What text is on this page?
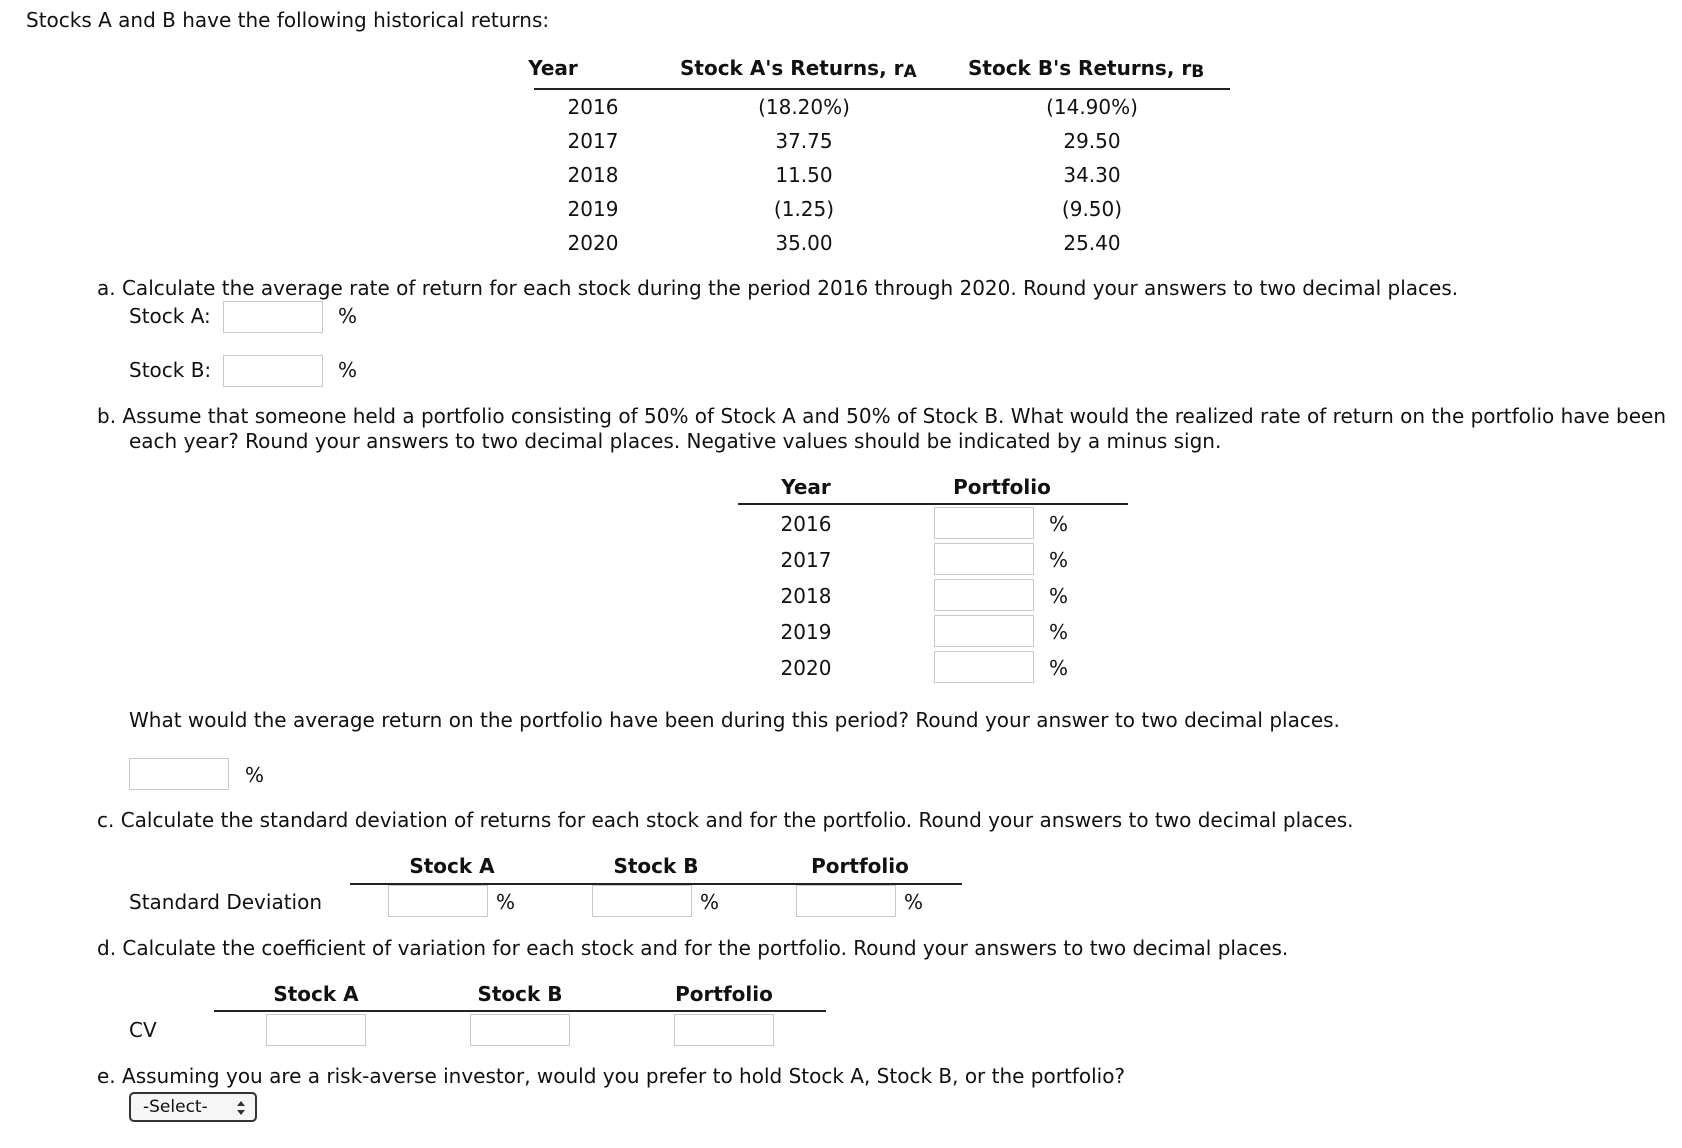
Stocks A and B have the following historical returns:
Year	Stock A's Returns, rA	Stock B's Returns, rB
2016	(18.20%)	(14.90%)
2017	37.75	29.50
2018	11.50	34.30
2019	(1.25)	(9.50)
2020	35.00	25.40
a. Calculate the average rate of return for each stock during the period 2016 through 2020. Round your answers to two decimal places.
Stock A:	%
Stock B:	%
b. Assume that someone held a portfolio consisting of 50% of Stock A and 50% of Stock B. What would the realized rate of return on the portfolio have been
each year? Round your answers to two decimal places. Negative values should be indicated by a minus sign.
Year	Portfolio
2016	%
2017	%
2018	%
2019	%
2020	%
What would the average return on the portfolio have been during this period? Round your answer to two decimal places.
%
c. Calculate the standard deviation of returns for each stock and for the portfolio. Round your answers to two decimal places.
Stock A	Stock B	Portfolio
Standard Deviation	%	%	%
d. Calculate the coefficient of variation for each stock and for the portfolio. Round your answers to two decimal places.
Stock A	Stock B	Portfolio
CV
e. Assuming you are a risk-averse investor, would you prefer to hold Stock A, Stock B, or the portfolio?
-Select-
